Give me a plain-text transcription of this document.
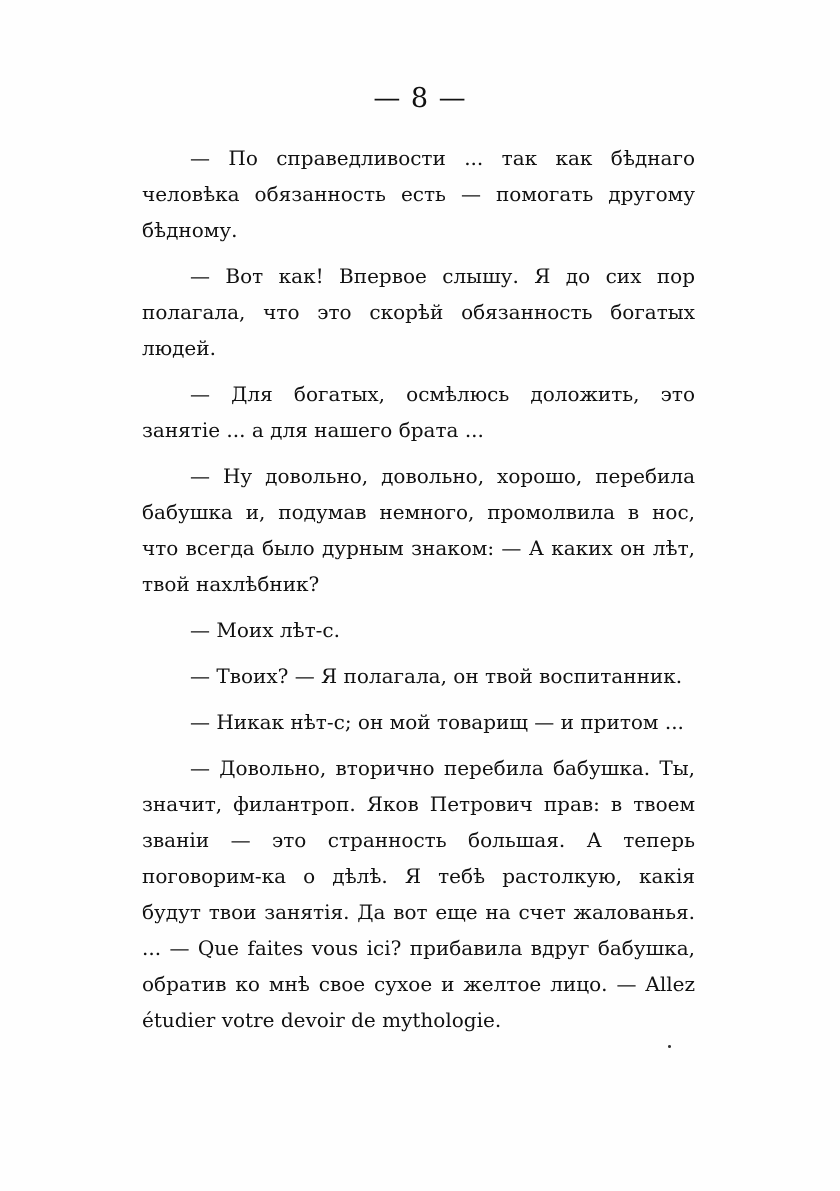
— 8 —

— По справедливости ... так как бѣднаго человѣка обязанность есть — помогать другому бѣдному.

— Вот как! Впервое слышу. Я до сих пор полагала, что это скорѣй обязанность богатых людей.

— Для богатых, осмѣлюсь доложить, это занятіе ... а для нашего брата ...

— Ну довольно, довольно, хорошо, перебила бабушка и, подумав немного, промолвила в нос, что всегда было дурным знаком: — А каких он лѣт, твой нахлѣбник?

— Моих лѣт-с.

— Твоих? — Я полагала, он твой воспитанник.

— Никак нѣт-с; он мой товарищ — и притом ...

— Довольно, вторично перебила бабушка. Ты, значит, филантроп. Яков Петрович прав: в твоем званіи — это странность большая. А теперь поговорим-ка о дѣлѣ. Я тебѣ растолкую, какія будут твои занятія. Да вот еще на счет жалованья. ... — Que faites vous ici? прибавила вдруг бабушка, обратив ко мнѣ свое сухое и желтое лицо. — Allez étudier votre devoir de mythologie.
